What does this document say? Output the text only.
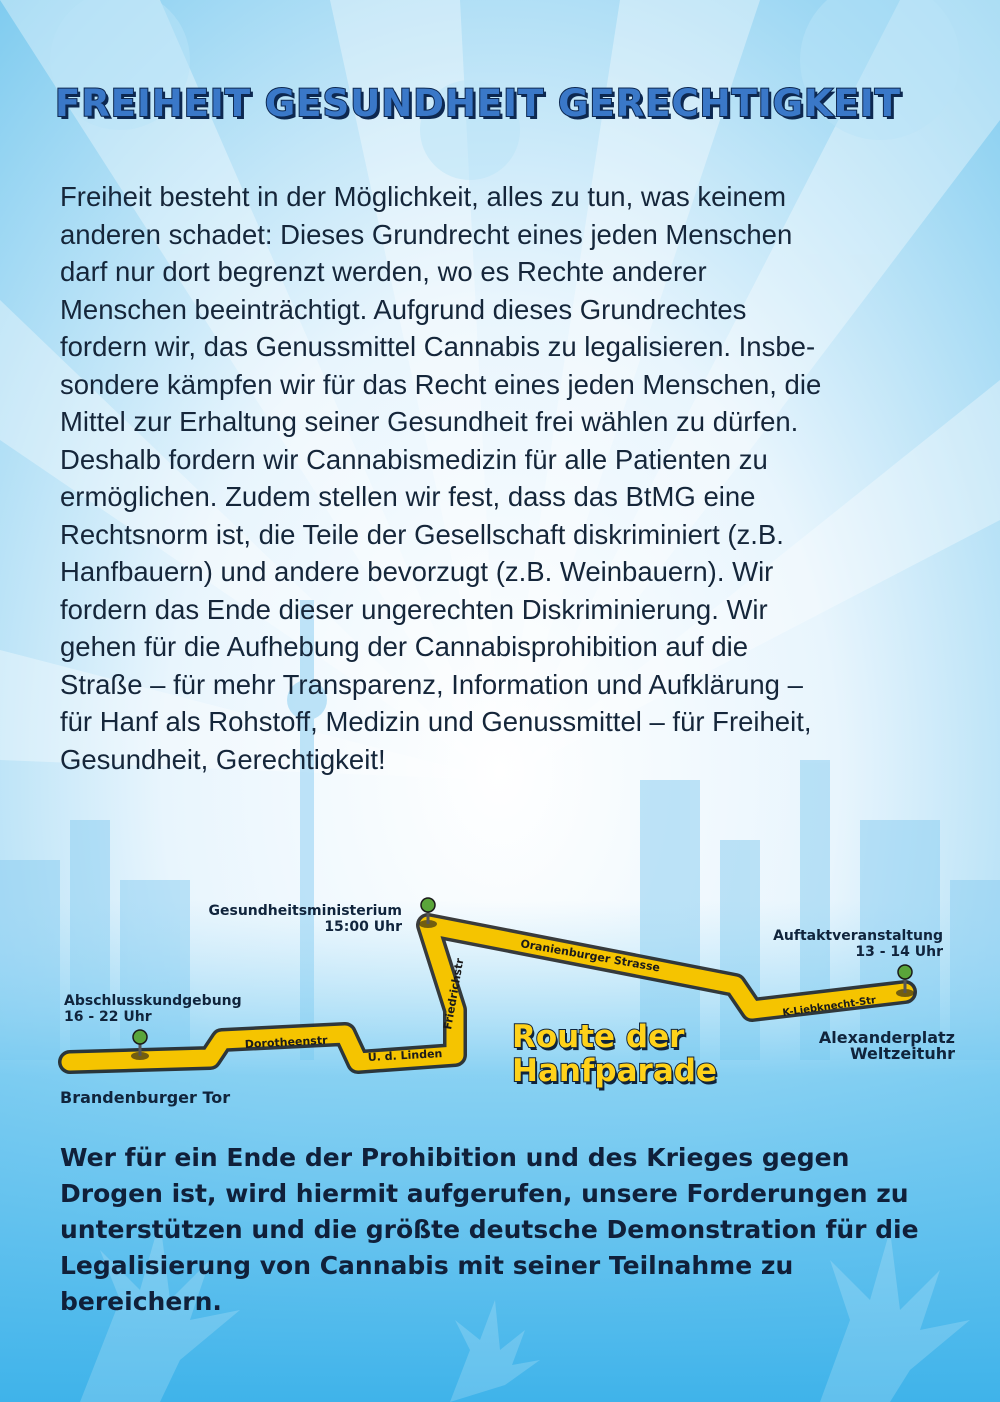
FREIHEIT GESUNDHEIT GERECHTIGKEIT
Freiheit besteht in der Möglichkeit, alles zu tun, was keinem
anderen schadet: Dieses Grundrecht eines jeden Menschen
darf nur dort begrenzt werden, wo es Rechte anderer
Menschen beeinträchtigt. Aufgrund dieses Grundrechtes
fordern wir, das Genussmittel Cannabis zu legalisieren. Insbe-
sondere kämpfen wir für das Recht eines jeden Menschen, die
Mittel zur Erhaltung seiner Gesundheit frei wählen zu dürfen.
Deshalb fordern wir Cannabismedizin für alle Patienten zu
ermöglichen. Zudem stellen wir fest, dass das BtMG eine
Rechtsnorm ist, die Teile der Gesellschaft diskriminiert (z.B.
Hanfbauern) und andere bevorzugt (z.B. Weinbauern). Wir
fordern das Ende dieser ungerechten Diskriminierung. Wir
gehen für die Aufhebung der Cannabisprohibition auf die
Straße – für mehr Transparenz, Information und Aufklärung –
für Hanf als Rohstoff, Medizin und Genussmittel – für Freiheit,
Gesundheit, Gerechtigkeit!
Dorotheenstr
U. d. Linden
Friedrichstr
Oranienburger Strasse
K-Liebknecht-Str
Gesundheitsministerium
15:00 Uhr
Auftaktveranstaltung
13 - 14 Uhr
Abschlusskundgebung
16 - 22 Uhr
Alexanderplatz
Weltzeituhr
Brandenburger Tor
Route der
Hanfparade
Wer für ein Ende der Prohibition und des Krieges gegen
Drogen ist, wird hiermit aufgerufen, unsere Forderungen zu
unterstützen und die größte deutsche Demonstration für die
Legalisierung von Cannabis mit seiner Teilnahme zu
bereichern.
